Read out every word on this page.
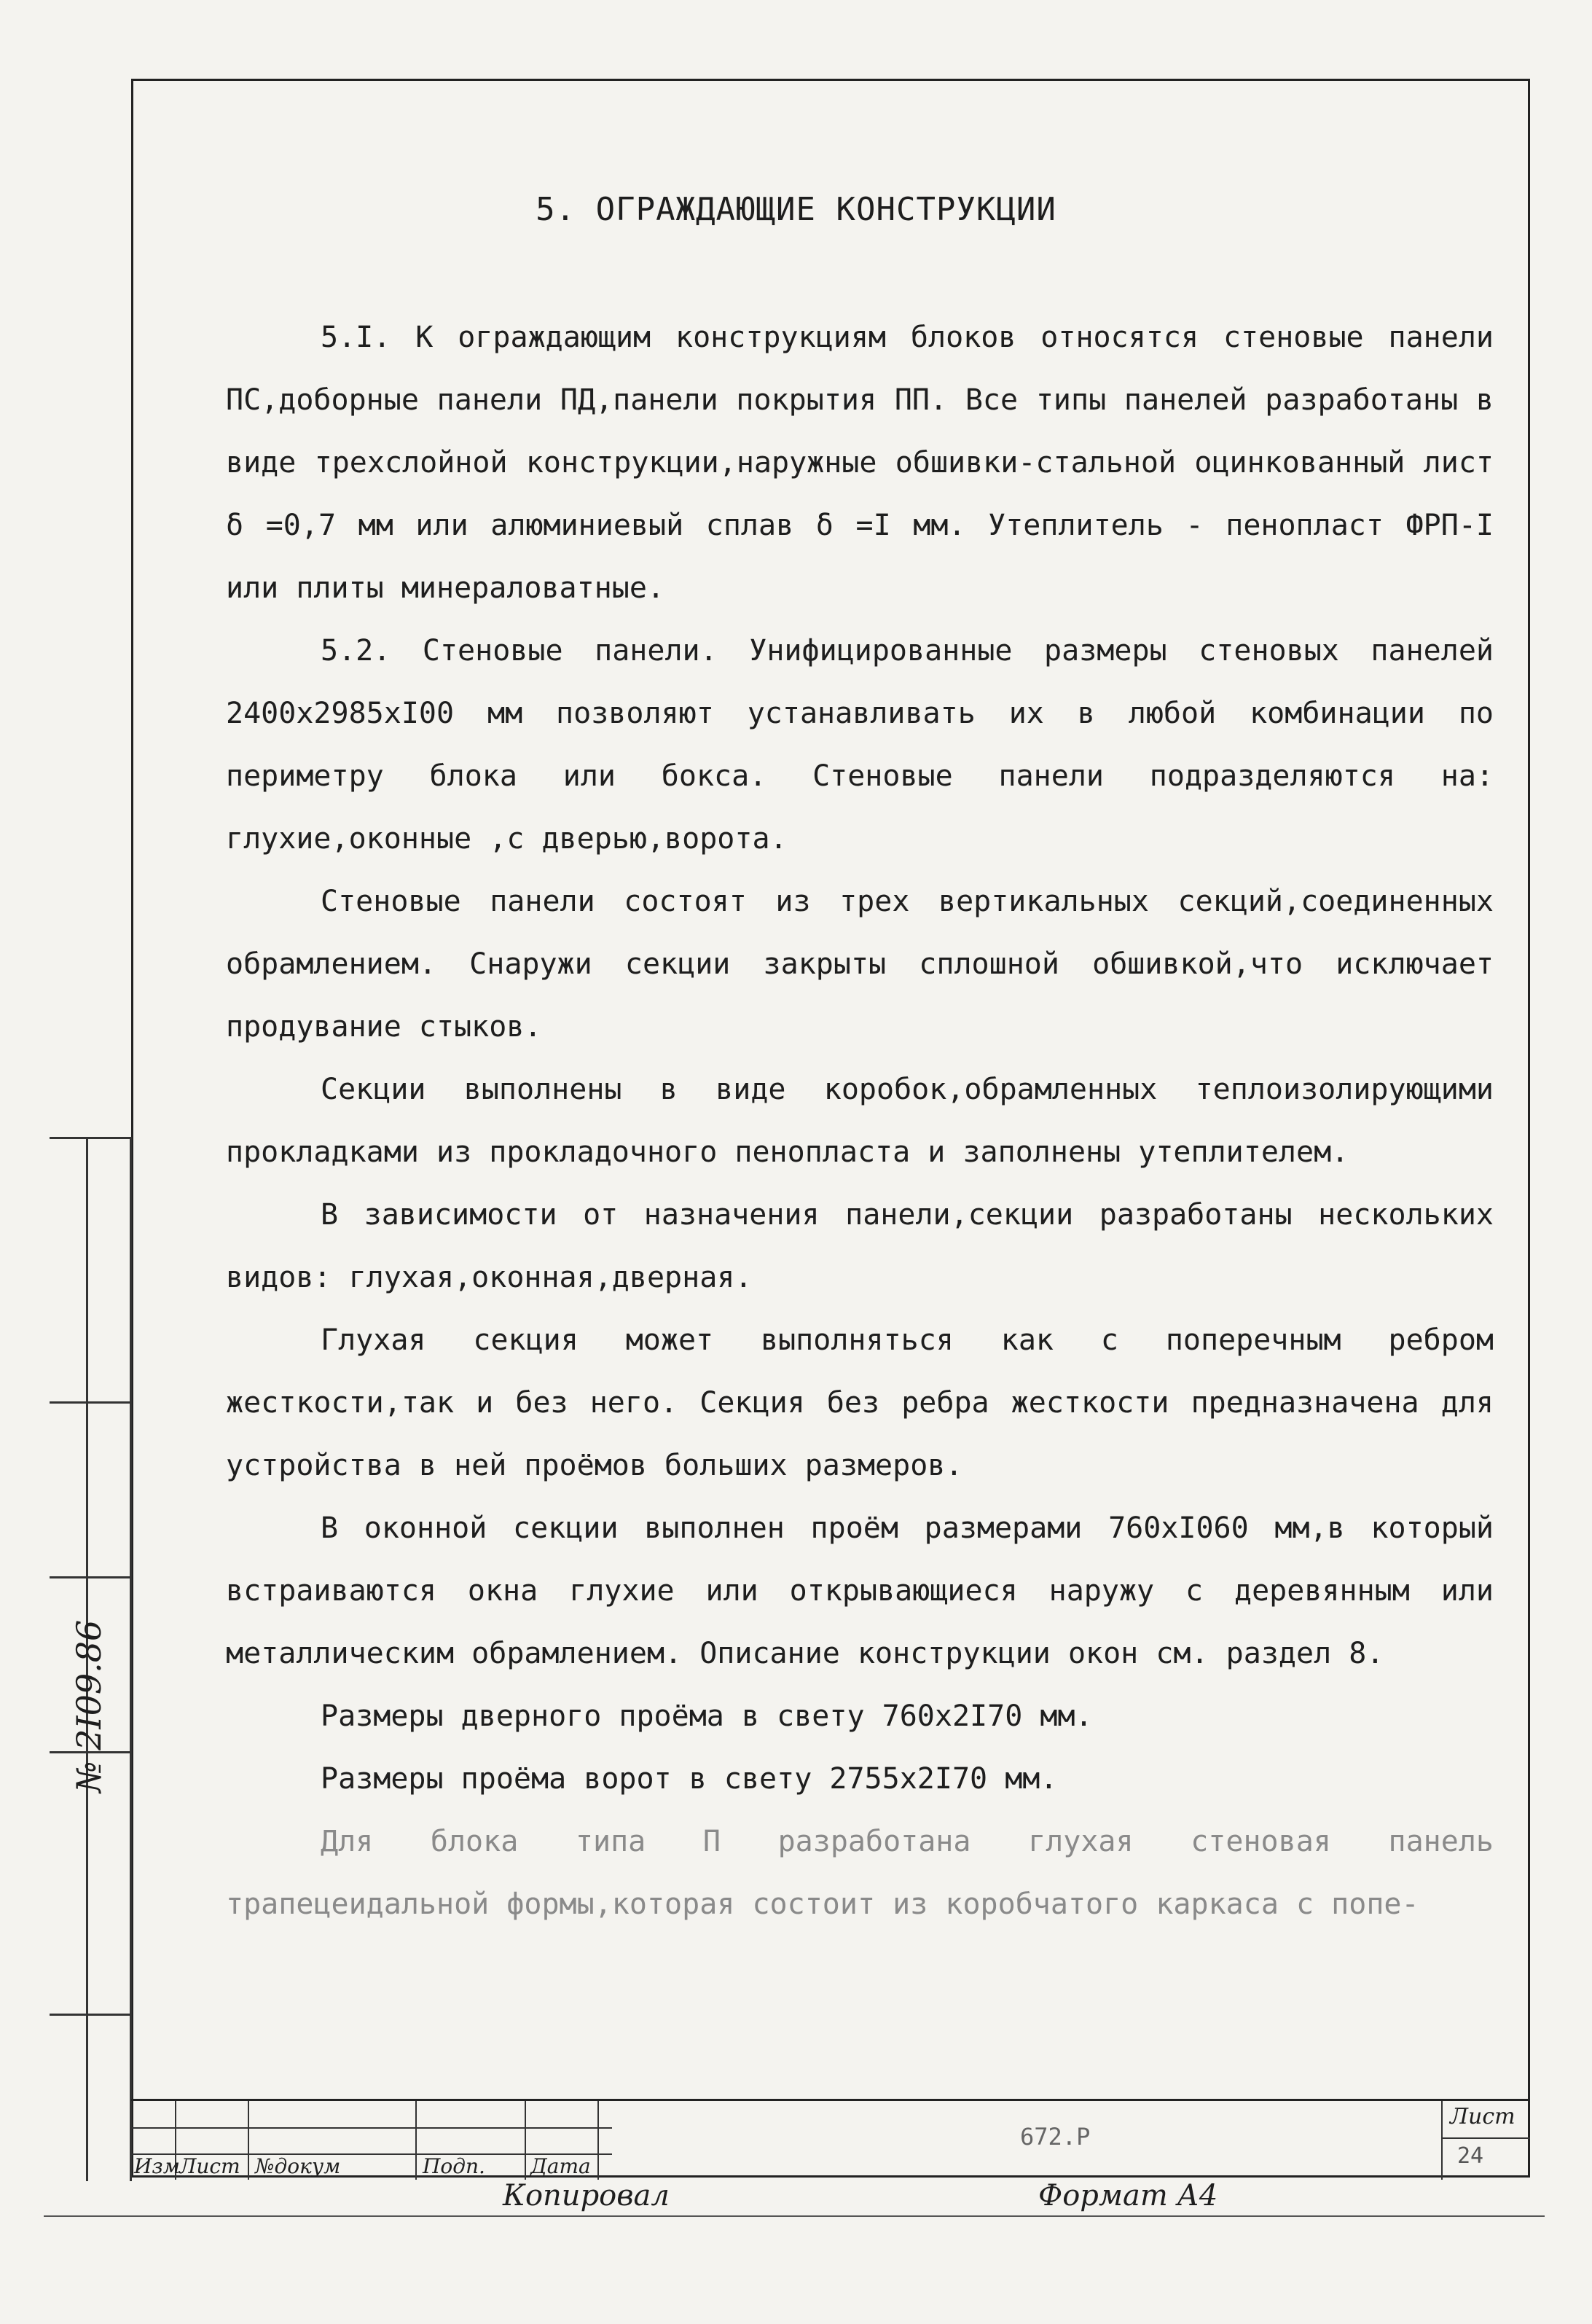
5. ОГРАЖДАЮЩИЕ КОНСТРУКЦИИ

5.I. К ограждающим конструкциям блоков относятся стеновые панели ПС,доборные панели ПД,панели покрытия ПП. Все типы панелей разработаны в виде трехслойной конструкции,наружные обшивки-стальной оцинкованный лист δ =0,7 мм или алюминиевый сплав δ =I мм. Утеплитель - пенопласт ФРП-I или плиты минераловатные.

5.2. Стеновые панели. Унифицированные размеры стеновых панелей 2400х2985хI00 мм позволяют устанавливать их в любой комбинации по периметру блока или бокса. Стеновые панели подразделяются на: глухие,оконные ,с дверью,ворота.

Стеновые панели состоят из трех вертикальных секций,соединенных обрамлением. Снаружи секции закрыты сплошной обшивкой,что исключает продувание стыков.

Секции выполнены в виде коробок,обрамленных теплоизолирующими прокладками из прокладочного пенопласта и заполнены утеплителем.

В зависимости от назначения панели,секции разработаны нескольких видов: глухая,оконная,дверная.

Глухая секция может выполняться как с поперечным ребром жесткости,так и без него. Секция без ребра жесткости предназначена для устройства в ней проёмов больших размеров.

В оконной секции выполнен проём размерами 760хI060 мм,в который встраиваются окна глухие или открывающиеся наружу с деревянным или металлическим обрамлением. Описание конструкции окон см. раздел 8.

Размеры дверного проёма в свету 760х2I70 мм.

Размеры проёма ворот в свету 2755х2I70 мм.

Для блока типа П разработана глухая стеновая панель трапецеидальной формы,которая состоит из коробчатого каркаса с попе-

№ 2I09.86
Изм Лист №докум	Подп. Дата
672.Р
Лист
24
Копировал	Формат А4
